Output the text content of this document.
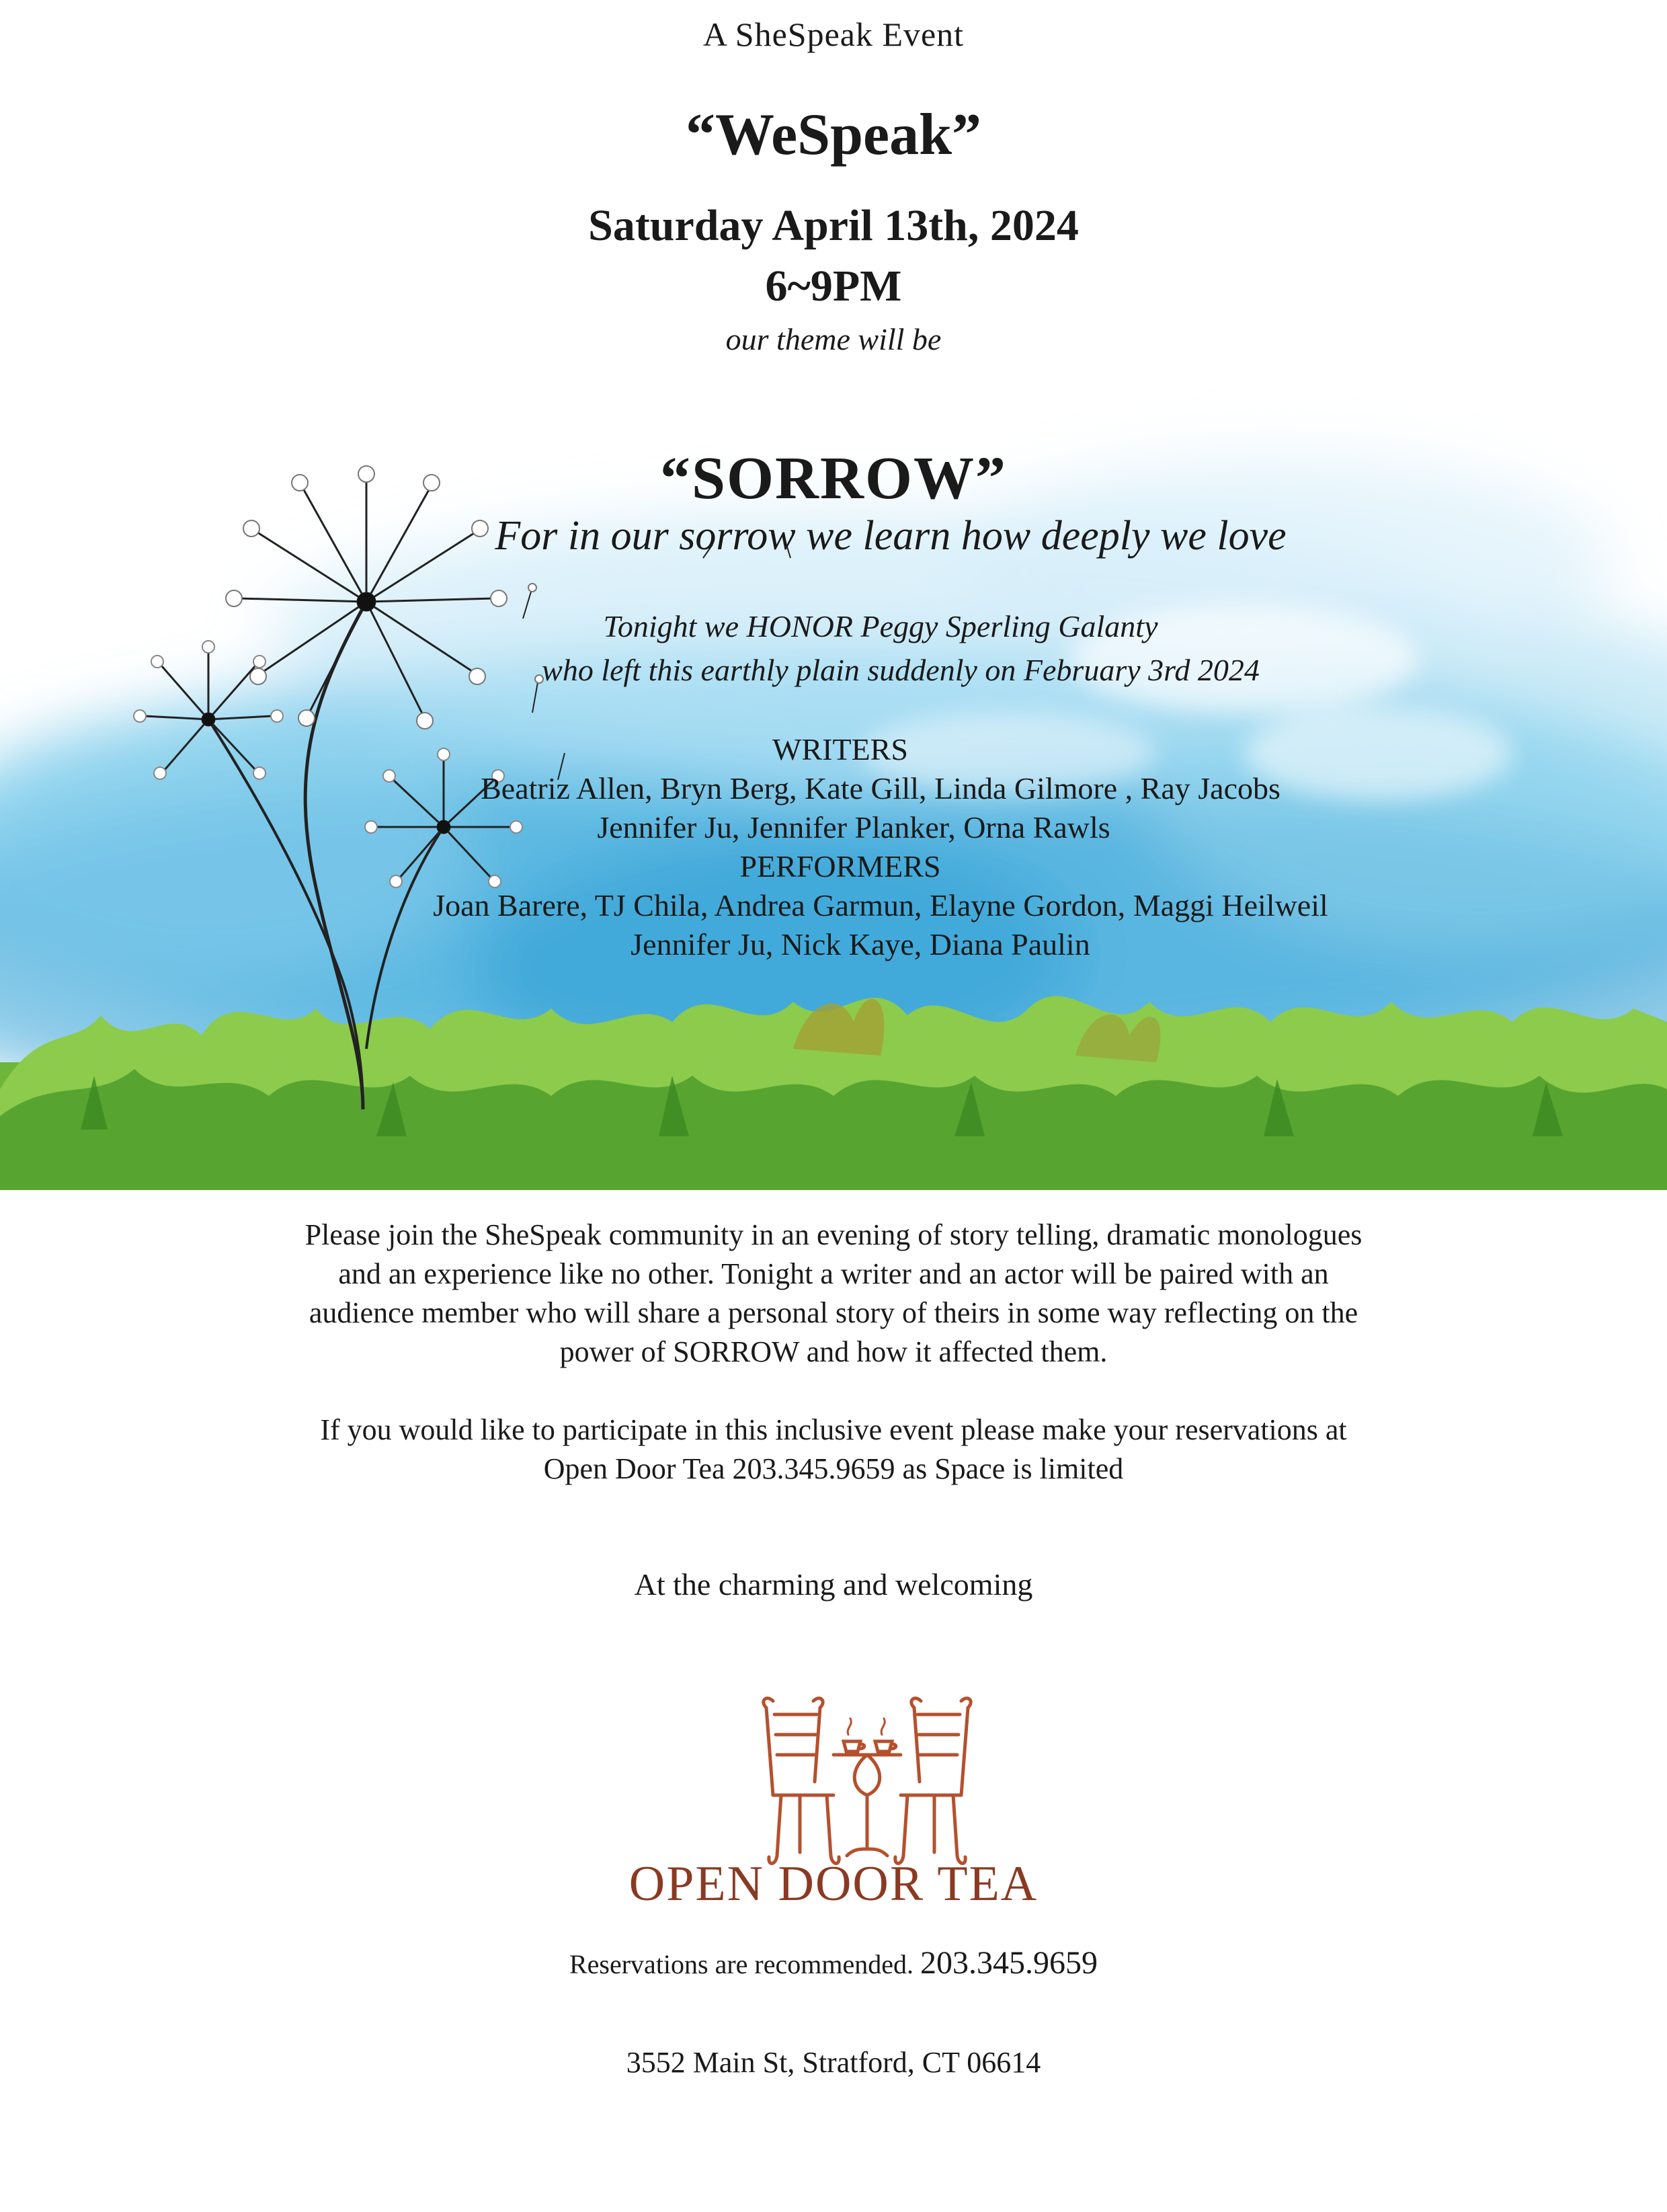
A SheSpeak Event
“WeSpeak”
Saturday April 13th, 2024
6~9PM
our theme will be
“SORROW”
For in our sorrow we learn how deeply we love
Tonight we HONOR Peggy Sperling Galanty
who left this earthly plain suddenly on February 3rd 2024
WRITERS
Beatriz Allen, Bryn Berg, Kate Gill, Linda Gilmore , Ray Jacobs
Jennifer Ju, Jennifer Planker, Orna Rawls
PERFORMERS
Joan Barere, TJ Chila, Andrea Garmun, Elayne Gordon, Maggi Heilweil
Jennifer Ju, Nick Kaye, Diana Paulin
Please join the SheSpeak community in an evening of story telling, dramatic monologues
and an experience like no other. Tonight a writer and an actor will be paired with an
audience member who will share a personal story of theirs in some way reflecting on the
power of SORROW and how it affected them.
If you would like to participate in this inclusive event please make your reservations at
Open Door Tea 203.345.9659 as Space is limited
At the charming and welcoming
OPEN DOOR TEA
Reservations are recommended. 203.345.9659
3552 Main St, Stratford, CT 06614
